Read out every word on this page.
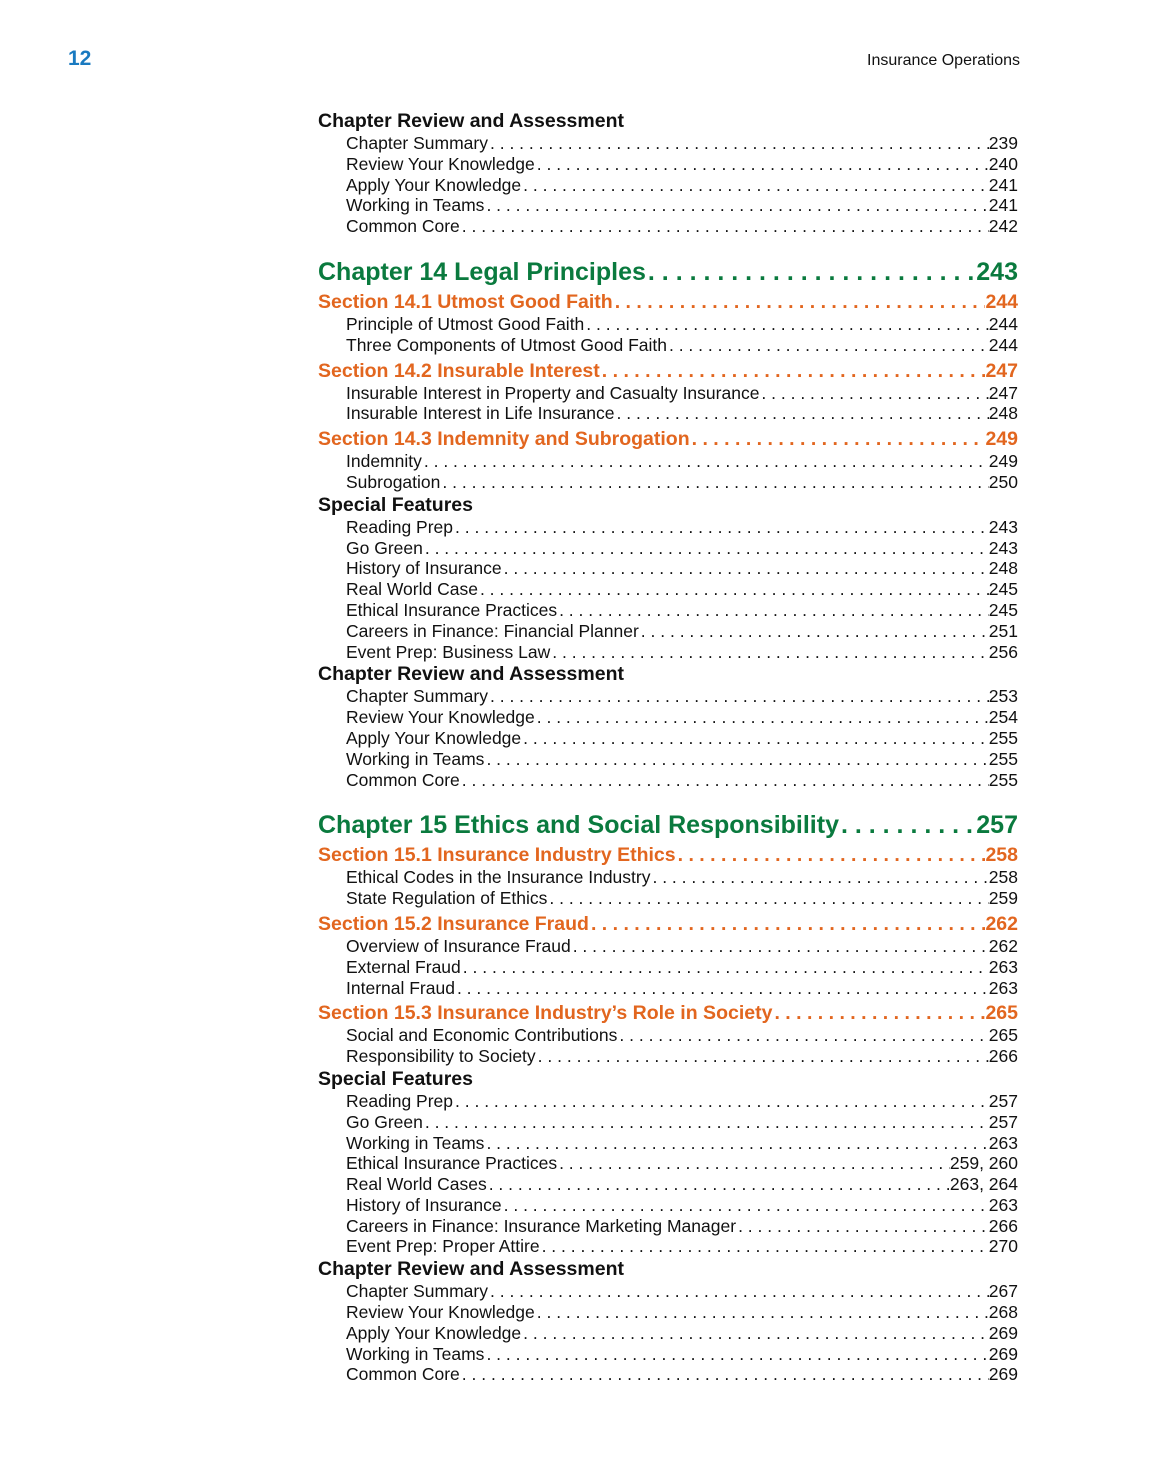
12	Insurance Operations
Chapter Review and Assessment
Chapter Summary . . .	239
Review Your Knowledge . . .	240
Apply Your Knowledge . . .	241
Working in Teams . . .	241
Common Core . . .	242
Chapter 14 Legal Principles . . .	243
Section 14.1 Utmost Good Faith . . .	244
Principle of Utmost Good Faith . . .	244
Three Components of Utmost Good Faith . . .	244
Section 14.2 Insurable Interest . . .	247
Insurable Interest in Property and Casualty Insurance . . .	247
Insurable Interest in Life Insurance . . .	248
Section 14.3 Indemnity and Subrogation . . .	249
Indemnity . . .	249
Subrogation . . .	250
Special Features
Reading Prep . . .	243
Go Green . . .	243
History of Insurance . . .	248
Real World Case . . .	245
Ethical Insurance Practices . . .	245
Careers in Finance: Financial Planner . . .	251
Event Prep: Business Law . . .	256
Chapter Review and Assessment
Chapter Summary . . .	253
Review Your Knowledge . . .	254
Apply Your Knowledge . . .	255
Working in Teams . . .	255
Common Core . . .	255
Chapter 15 Ethics and Social Responsibility . . .	257
Section 15.1 Insurance Industry Ethics . . .	258
Ethical Codes in the Insurance Industry . . .	258
State Regulation of Ethics . . .	259
Section 15.2 Insurance Fraud . . .	262
Overview of Insurance Fraud . . .	262
External Fraud . . .	263
Internal Fraud . . .	263
Section 15.3 Insurance Industry’s Role in Society . . .	265
Social and Economic Contributions . . .	265
Responsibility to Society . . .	266
Special Features
Reading Prep . . .	257
Go Green . . .	257
Working in Teams . . .	263
Ethical Insurance Practices . . .	259, 260
Real World Cases . . .	263, 264
History of Insurance . . .	263
Careers in Finance: Insurance Marketing Manager . . .	266
Event Prep: Proper Attire . . .	270
Chapter Review and Assessment
Chapter Summary . . .	267
Review Your Knowledge . . .	268
Apply Your Knowledge . . .	269
Working in Teams . . .	269
Common Core . . .	269
